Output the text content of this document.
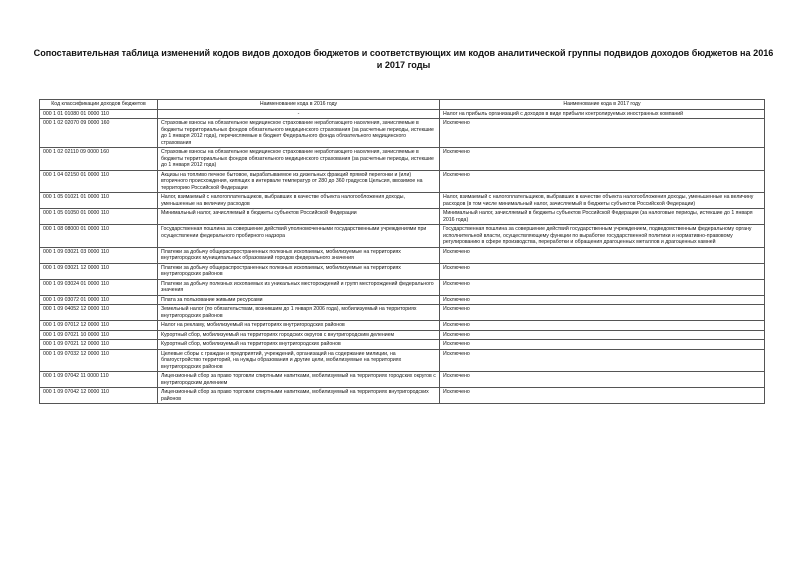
Сопоставительная таблица изменений кодов видов доходов бюджетов и соответствующих им кодов аналитической группы подвидов доходов бюджетов на 2016 и 2017 годы
Код классификации доходов бюджетов	Наименование кода в 2016 году	Наименование кода в 2017 году
000 1 01 01080 01 0000 110	-	Налог на прибыль организаций с доходов в виде прибыли контролируемых иностранных компаний
000 1 02 02070 09 0000 160	Страховые взносы на обязательное медицинское страхование неработающего населения, зачисляемые в бюджеты территориальных фондов обязательного медицинского страхования (за расчетные периоды, истекшие до 1 января 2012 года), перечисляемые в бюджет Федерального фонда обязательного медицинского страхования	Исключено
000 1 02 02110 09 0000 160	Страховые взносы на обязательное медицинское страхование неработающего населения, зачисляемые в бюджеты территориальных фондов обязательного медицинского страхования (за расчетные периоды, истекшие до 1 января 2012 года)	Исключено
000 1 04 02150 01 0000 110	Акцизы на топливо печное бытовое, вырабатываемое из дизельных фракций прямой перегонки и (или) вторичного происхождения, кипящих в интервале температур от 280 до 360 градусов Цельсия, ввозимое на территорию Российской Федерации	Исключено
000 1 05 01021 01 0000 110	Налог, взимаемый с налогоплательщиков, выбравших в качестве объекта налогообложения доходы, уменьшенные на величину расходов	Налог, взимаемый с налогоплательщиков, выбравших в качестве объекта налогообложения доходы, уменьшенные на величину расходов (в том числе минимальный налог, зачисляемый в бюджеты субъектов Российской Федерации)
000 1 05 01050 01 0000 110	Минимальный налог, зачисляемый в бюджеты субъектов Российской Федерации	Минимальный налог, зачисляемый в бюджеты субъектов Российской Федерации (за налоговые периоды, истекшие до 1 января 2016 года)
000 1 08 08000 01 0000 110	Государственная пошлина за совершение действий уполномоченными государственными учреждениями при осуществлении федерального пробирного надзора	Государственная пошлина за совершение действий государственным учреждением, подведомственным федеральному органу исполнительной власти, осуществляющему функции по выработке государственной политики и нормативно-правовому регулированию в сфере производства, переработки и обращения драгоценных металлов и драгоценных камней
000 1 09 03021 03 0000 110	Платежи за добычу общераспространенных полезных ископаемых, мобилизуемые на территориях внутригородских муниципальных образований городов федерального значения	Исключено
000 1 09 03021 12 0000 110	Платежи за добычу общераспространенных полезных ископаемых, мобилизуемые на территориях внутригородских районов	Исключено
000 1 09 03024 01 0000 110	Платежи за добычу полезных ископаемых из уникальных месторождений и групп месторождений федерального значения	Исключено
000 1 09 03072 01 0000 110	Плата за пользование живыми ресурсами	Исключено
000 1 09 04052 12 0000 110	Земельный налог (по обязательствам, возникшим до 1 января 2006 года), мобилизуемый на территориях внутригородских районов	Исключено
000 1 09 07012 12 0000 110	Налог на рекламу, мобилизуемый на территориях внутригородских районов	Исключено
000 1 09 07021 10 0000 110	Курортный сбор, мобилизуемый на территориях городских округов с внутригородским делением	Исключено
000 1 09 07021 12 0000 110	Курортный сбор, мобилизуемый на территориях внутригородских районов	Исключено
000 1 09 07032 12 0000 110	Целевые сборы с граждан и предприятий, учреждений, организаций на содержание милиции, на благоустройство территорий, на нужды образования и другие цели, мобилизуемые на территориях внутригородских районов	Исключено
000 1 09 07042 11 0000 110	Лицензионный сбор за право торговли спиртными напитками, мобилизуемый на территориях городских округов с внутригородским делением	Исключено
000 1 09 07042 12 0000 110	Лицензионный сбор за право торговли спиртными напитками, мобилизуемый на территориях внутригородских районов	Исключено
